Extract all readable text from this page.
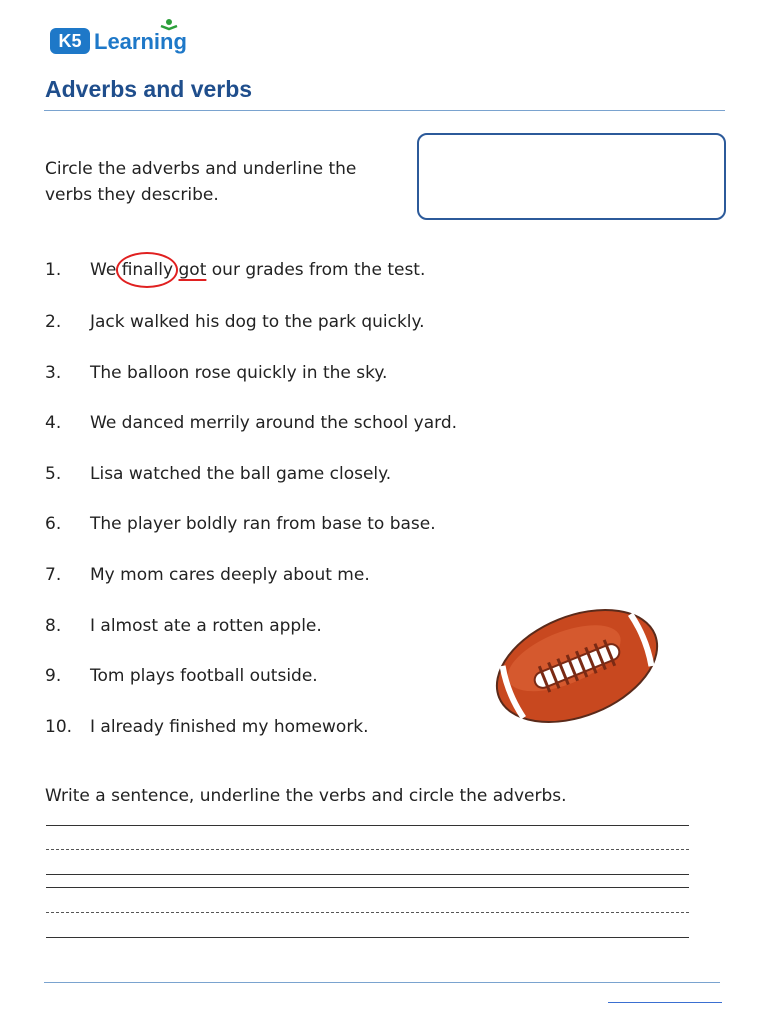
K5 Learning
Adverbs and verbs
Circle the adverbs and underline the verbs they describe.
1. We
finally got our grades from the test.
2. Jack walked his dog to the park quickly.
3. The balloon rose quickly in the sky.
4. We danced merrily around the school yard.
5. Lisa watched the ball game closely.
6. The player boldly ran from base to base.
7. My mom cares deeply about me.
8. I almost ate a rotten apple.
9. Tom plays football outside.
10. I already finished my homework.
Write a sentence, underline the verbs and circle the adverbs.
